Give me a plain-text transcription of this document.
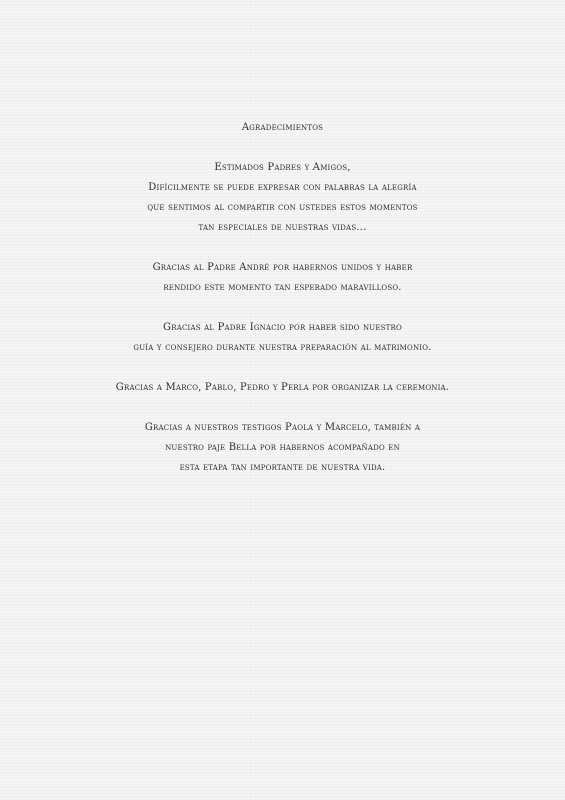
Agradecimientos

Estimados Padres y Amigos,

Difícilmente se puede expresar con palabras la alegría

que sentimos al compartir con ustedes estos momentos

tan especiales de nuestras vidas...

Gracias al Padre André por habernos unidos y haber

rendido este momento tan esperado maravilloso.

Gracias al Padre Ignacio por haber sido nuestro

guía y consejero durante nuestra preparación al matrimonio.

Gracias a Marco, Pablo, Pedro y Perla por organizar la ceremonia.

Gracias a nuestros testigos Paola y Marcelo, también a

nuestro paje Bella por habernos acompañado en

esta etapa tan importante de nuestra vida.
